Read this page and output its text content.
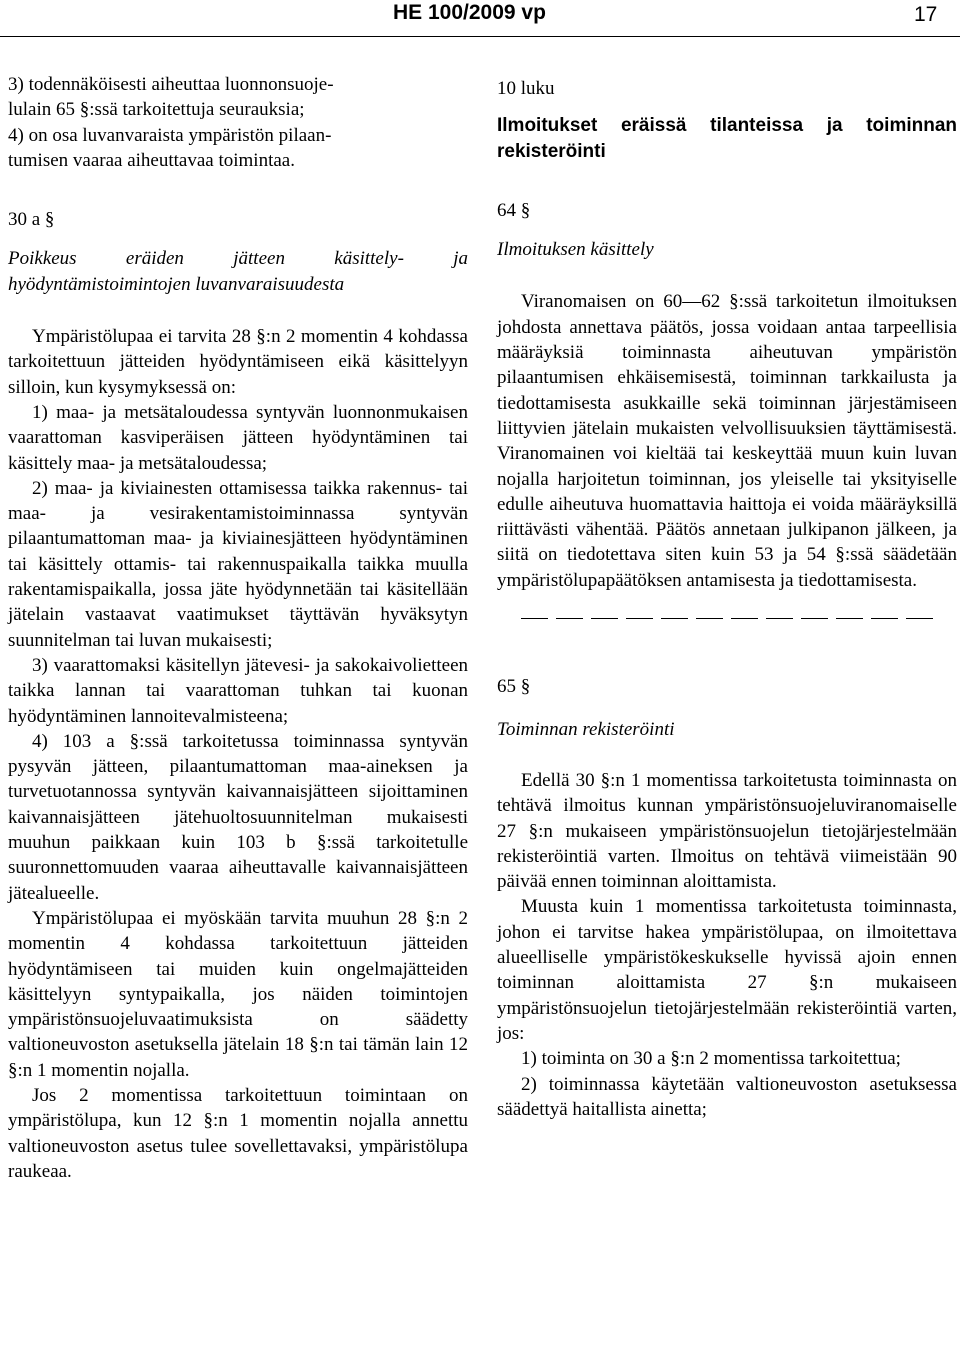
HE 100/2009 vp	17

3) todennäköisesti aiheuttaa luonnonsuoje-

lulain 65 §:ssä tarkoitettuja seurauksia;

4) on osa luvanvaraista ympäristön pilaan-

tumisen vaaraa aiheuttavaa toimintaa.

30 a §

Poikkeus eräiden jätteen käsittely- ja hyödyntämistoimintojen luvanvaraisuudesta

Ympäristölupaa ei tarvita 28 §:n 2 momentin 4 kohdassa tarkoitettuun jätteiden hyödyntämiseen eikä käsittelyyn silloin, kun kysymyksessä on:

1) maa- ja metsätaloudessa syntyvän luonnonmukaisen vaarattoman kasviperäisen jätteen hyödyntäminen tai käsittely maa- ja metsätaloudessa;

2) maa- ja kiviainesten ottamisessa taikka rakennus- tai maa- ja vesirakentamistoiminnassa syntyvän pilaantumattoman maa- ja kiviainesjätteen hyödyntäminen tai käsittely ottamis- tai rakennuspaikalla taikka muulla rakentamispaikalla, jossa jäte hyödynnetään tai käsitellään jätelain vastaavat vaatimukset täyttävän hyväksytyn suunnitelman tai luvan mukaisesti;

3) vaarattomaksi käsitellyn jätevesi- ja sakokaivolietteen taikka lannan tai vaarattoman tuhkan tai kuonan hyödyntäminen lannoitevalmisteena;

4) 103 a §:ssä tarkoitetussa toiminnassa syntyvän pysyvän jätteen, pilaantumattoman maa-aineksen ja turvetuotannossa syntyvän kaivannaisjätteen sijoittaminen kaivannaisjätteen jätehuoltosuunnitelman mukaisesti muuhun paikkaan kuin 103 b §:ssä tarkoitetulle suuronnettomuuden vaaraa aiheuttavalle kaivannaisjätteen jätealueelle.

Ympäristölupaa ei myöskään tarvita muuhun 28 §:n 2 momentin 4 kohdassa tarkoitettuun jätteiden hyödyntämiseen tai muiden kuin ongelmajätteiden käsittelyyn syntypaikalla, jos näiden toimintojen ympäristönsuojeluvaatimuksista on säädetty valtioneuvoston asetuksella jätelain 18 §:n tai tämän lain 12 §:n 1 momentin nojalla.

Jos 2 momentissa tarkoitettuun toimintaan on ympäristölupa, kun 12 §:n 1 momentin nojalla annettu valtioneuvoston asetus tulee sovellettavaksi, ympäristölupa raukeaa.

10 luku

Ilmoitukset eräissä tilanteissa ja toiminnan rekisteröinti

64 §

Ilmoituksen käsittely

Viranomaisen on 60—62 §:ssä tarkoitetun ilmoituksen johdosta annettava päätös, jossa voidaan antaa tarpeellisia määräyksiä toiminnasta aiheutuvan ympäristön pilaantumisen ehkäisemisestä, toiminnan tarkkailusta ja tiedottamisesta asukkaille sekä toiminnan järjestämiseen liittyvien jätelain mukaisten velvollisuuksien täyttämisestä. Viranomainen voi kieltää tai keskeyttää muun kuin luvan nojalla harjoitetun toiminnan, jos yleiselle tai yksityiselle edulle aiheutuva huomattavia haittoja ei voida määräyksillä riittävästi vähentää. Päätös annetaan julkipanon jälkeen, ja siitä on tiedotettava siten kuin 53 ja 54 §:ssä säädetään ympäristölupapäätöksen antamisesta ja tiedottamisesta.

65 §

Toiminnan rekisteröinti

Edellä 30 §:n 1 momentissa tarkoitetusta toiminnasta on tehtävä ilmoitus kunnan ympäristönsuojeluviranomaiselle 27 §:n mukaiseen ympäristönsuojelun tietojärjestelmään rekisteröintiä varten. Ilmoitus on tehtävä viimeistään 90 päivää ennen toiminnan aloittamista.

Muusta kuin 1 momentissa tarkoitetusta toiminnasta, johon ei tarvitse hakea ympäristölupaa, on ilmoitettava alueelliselle ympäristökeskukselle hyvissä ajoin ennen toiminnan aloittamista 27 §:n mukaiseen ympäristönsuojelun tietojärjestelmään rekisteröintiä varten, jos:

1) toiminta on 30 a §:n 2 momentissa tarkoitettua;

2) toiminnassa käytetään valtioneuvoston asetuksessa säädettyä haitallista ainetta;
